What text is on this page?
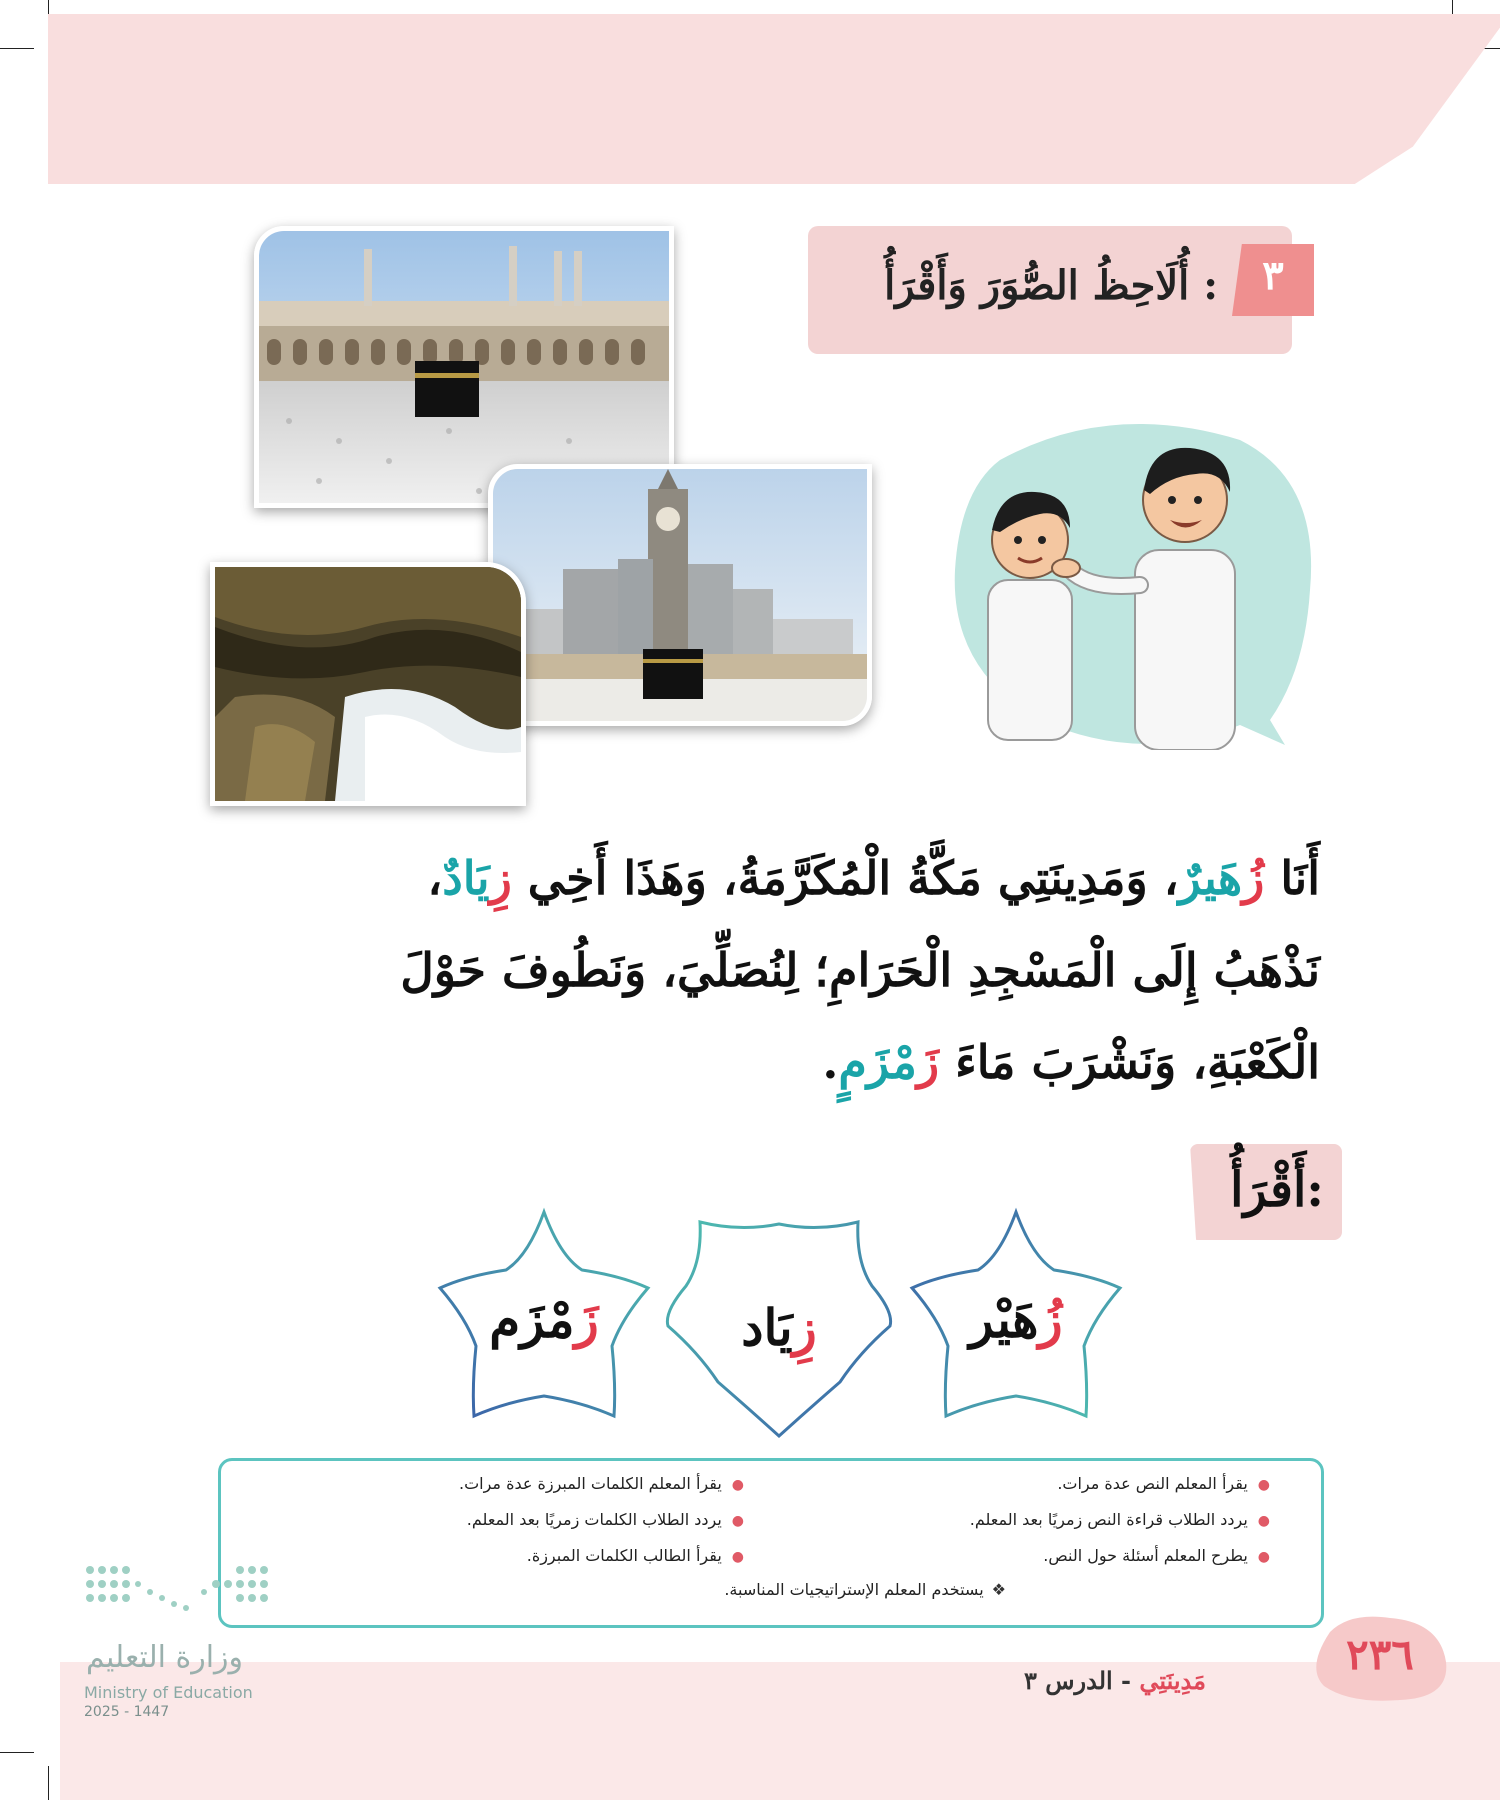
٣
أُلَاحِظُ الصُّوَرَ وَأَقْرَأُ :
أَنَا زُهَيرٌ، وَمَدِينَتِي مَكَّةُ الْمُكَرَّمَةُ، وَهَذَا أَخِي زِيَادٌ،
نَذْهَبُ إِلَى الْمَسْجِدِ الْحَرَامِ؛ لِنُصَلِّيَ، وَنَطُوفَ حَوْلَ
الْكَعْبَةِ، وَنَشْرَبَ مَاءَ زَمْزَمٍ.
أَقْرَأُ:
زُهَيْر
زِيَاد
زَمْزَم
●يقرأ المعلم النص عدة مرات.
●يردد الطلاب قراءة النص زمريًا بعد المعلم.
●يطرح المعلم أسئلة حول النص.
●يقرأ المعلم الكلمات المبرزة عدة مرات.
●يردد الطلاب الكلمات زمريًا بعد المعلم.
●يقرأ الطالب الكلمات المبرزة.
❖يستخدم المعلم الإستراتيجيات المناسبة.
وزارة التعليم
Ministry of Education
2025 - 1447
٢٣٦
مَدِينَتِي - الدرس ٣
